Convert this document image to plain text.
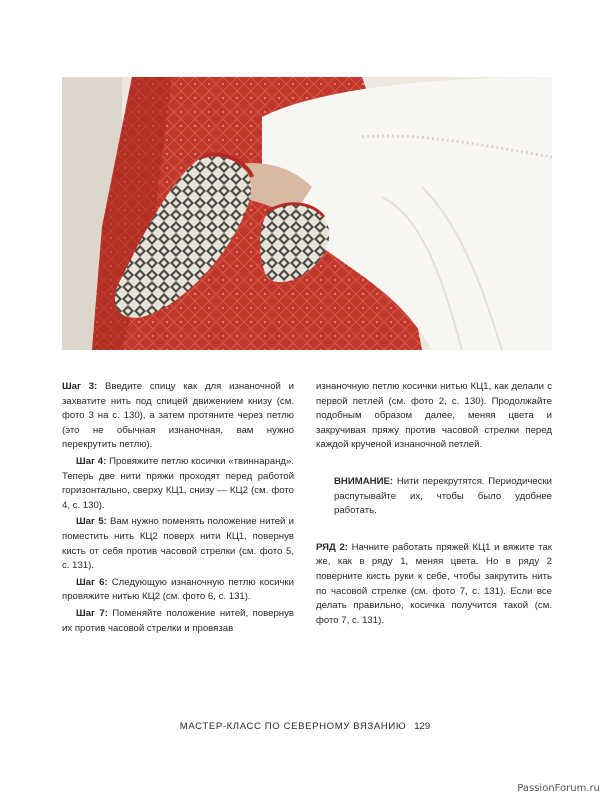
Шаг 3: Введите спицу как для изнаночной и захватите нить под спицей движением книзу (см. фото 3 на с. 130), а затем протяните через петлю (это не обычная изнаночная, вам нужно перекрутить петлю).

Шаг 4: Провяжите петлю косички «твиннаранд». Теперь две нити пряжи проходят перед работой горизонтально, сверху КЦ1, снизу — КЦ2 (см. фото 4, с. 130).

Шаг 5: Вам нужно поменять положение нитей и поместить нить КЦ2 поверх нити КЦ1, повернув кисть от себя против часовой стрелки (см. фото 5, с. 131).

Шаг 6: Следующую изнаночную петлю косички провяжите нитью КЦ2 (см. фото 6, с. 131).

Шаг 7: Поменяйте положение нитей, повернув их против часовой стрелки и провязав

изнаночную петлю косички нитью КЦ1, как делали с первой петлей (см. фото 2, с. 130). Продолжайте подобным образом далее, меняя цвета и закручивая пряжу против часовой стрелки перед каждой крученой изнаночной петлей.

ВНИМАНИЕ: Нити перекрутятся. Периодически распутывайте их, чтобы было удобнее работать.

РЯД 2: Начните работать пряжей КЦ1 и вяжите так же, как в ряду 1, меняя цвета. Но в ряду 2 поверните кисть руки к себе, чтобы закрутить нить по часовой стрелке (см. фото 7, с. 131). Если все делать правильно, косичка получится такой (см. фото 7, с. 131).

МАСТЕР-КЛАСС ПО СЕВЕРНОМУ ВЯЗАНИЮ 129
PassionForum.ru
